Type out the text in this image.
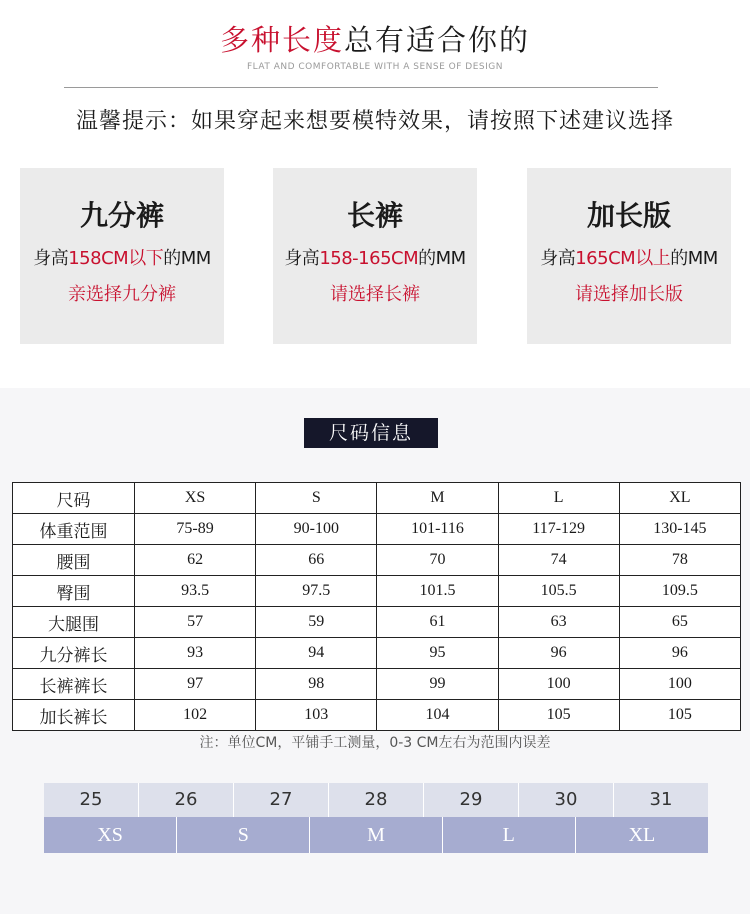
多种长度总有适合你的
FLAT AND COMFORTABLE WITH A SENSE OF DESIGN
温馨提示：如果穿起来想要模特效果，请按照下述建议选择
九分裤
身高158CM以下的MM
亲选择九分裤
长裤
身高158-165CM的MM
请选择长裤
加长版
身高165CM以上的MM
请选择加长版
尺码信息
尺码	XS	S	M	L	XL
体重范围	75-89	90-100	101-116	117-129	130-145
腰围	62	66	70	74	78
臀围	93.5	97.5	101.5	105.5	109.5
大腿围	57	59	61	63	65
九分裤长	93	94	95	96	96
长裤裤长	97	98	99	100	100
加长裤长	102	103	104	105	105
注：单位CM，平铺手工测量，0-3 CM左右为范围内误差
25	26	27	28	29	30	31
XS	S	M	L	XL
